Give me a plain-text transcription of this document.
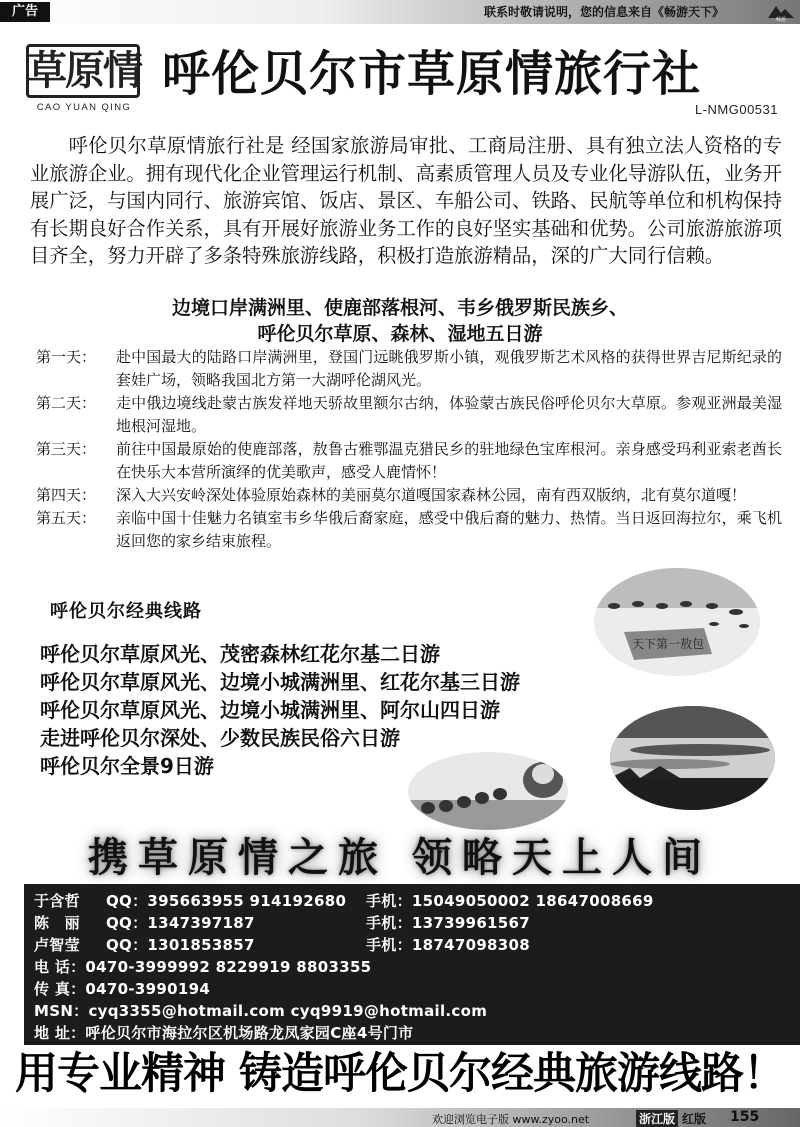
广告	联系时敬请说明，您的信息来自《畅游天下》
畅游
草原情
CAO YUAN QING
呼伦贝尔市草原情旅行社
L-NMG00531
呼伦贝尔草原情旅行社是 经国家旅游局审批、工商局注册、具有独立法人资格的专业旅游企业。拥有现代化企业管理运行机制、高素质管理人员及专业化导游队伍，业务开展广泛，与国内同行、旅游宾馆、饭店、景区、车船公司、铁路、民航等单位和机构保持有长期良好合作关系，具有开展好旅游业务工作的良好坚实基础和优势。公司旅游旅游项目齐全，努力开辟了多条特殊旅游线路，积极打造旅游精品，深的广大同行信赖。
边境口岸满洲里、使鹿部落根河、韦乡俄罗斯民族乡、
呼伦贝尔草原、森林、湿地五日游
第一天：	赴中国最大的陆路口岸满洲里，登国门远眺俄罗斯小镇，观俄罗斯艺术风格的获得世界吉尼斯纪录的套娃广场，领略我国北方第一大湖呼伦湖风光。
第二天：	走中俄边境线赴蒙古族发祥地天骄故里额尔古纳，体验蒙古族民俗呼伦贝尔大草原。参观亚洲最美湿地根河湿地。
第三天：	前往中国最原始的使鹿部落，敖鲁古雅鄂温克猎民乡的驻地绿色宝库根河。亲身感受玛利亚索老酋长在快乐大本营所演绎的优美歌声，感受人鹿情怀！
第四天：	深入大兴安岭深处体验原始森林的美丽莫尔道嘎国家森林公园，南有西双版纳，北有莫尔道嘎！
第五天：	亲临中国十佳魅力名镇室韦乡华俄后裔家庭，感受中俄后裔的魅力、热情。当日返回海拉尔，乘飞机返回您的家乡结束旅程。
呼伦贝尔经典线路
呼伦贝尔草原风光、茂密森林红花尔基二日游
呼伦贝尔草原风光、边境小城满洲里、红花尔基三日游
呼伦贝尔草原风光、边境小城满洲里、阿尔山四日游
走进呼伦贝尔深处、少数民族民俗六日游
呼伦贝尔全景9日游
天下第一敖包
携草原情之旅 领略天上人间
于含哲 QQ：395663955 914192680 手机：15049050002 18647008669
陈　丽 QQ：1347397187	手机：13739961567
卢智莹 QQ：1301853857	手机：18747098308
电 话：0470-3999992 8229919 8803355
传 真：0470-3990194
MSN：cyq3355@hotmail.com cyq9919@hotmail.com
地 址：呼伦贝尔市海拉尔区机场路龙凤家园C座4号门市
用专业精神 铸造呼伦贝尔经典旅游线路！
欢迎浏览电子版 www.zyoo.net	浙江版 红版 155
